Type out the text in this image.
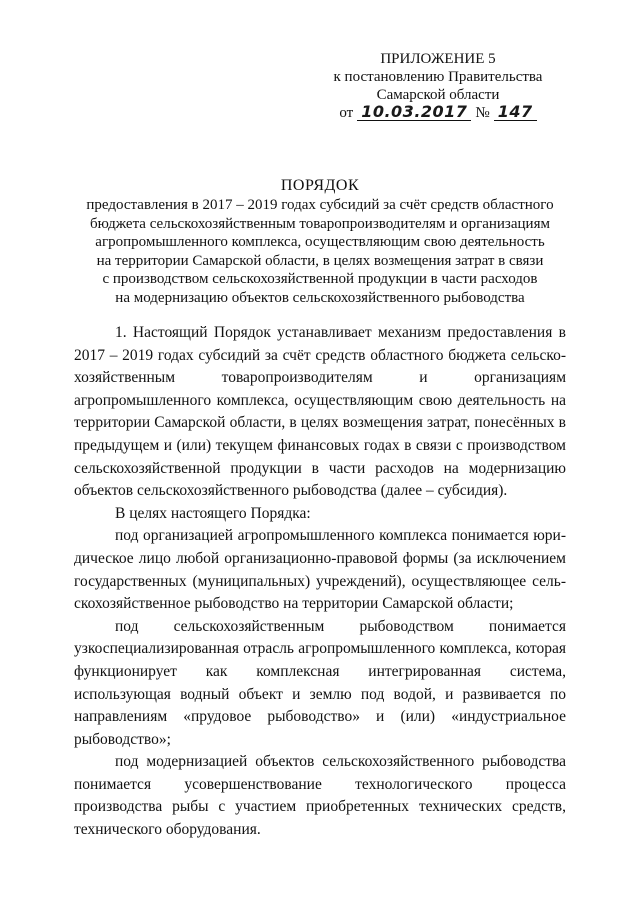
ПРИЛОЖЕНИЕ 5
к постановлению Правительства
Самарской области
от 10.03.2017 № 147
ПОРЯДОК
предоставления в 2017 – 2019 годах субсидий за счёт средств областного
бюджета сельскохозяйственным товаропроизводителям и организациям
агропромышленного комплекса, осуществляющим свою деятельность
на территории Самарской области, в целях возмещения затрат в связи
с производством сельскохозяйственной продукции в части расходов
на модернизацию объектов сельскохозяйственного рыбоводства

1. Настоящий Порядок устанавливает механизм предоставления в 2017 – 2019 годах субсидий за счёт средств областного бюджета сельскохозяйственным товаропроизводителям и организациям агропромышленного комплекса, осуществляющим свою деятельность на территории Самарской области, в целях возмещения затрат, понесённых в предыдущем и (или) текущем финансовых годах в связи с производством сельскохозяйственной продукции в части расходов на модернизацию объектов сельскохозяйственного рыбоводства (далее – субсидия).

В целях настоящего Порядка:

под организацией агропромышленного комплекса понимается юридическое лицо любой организационно-правовой формы (за исключением государственных (муниципальных) учреждений), осуществляющее сельскохозяйственное рыбоводство на территории Самарской области;

под сельскохозяйственным рыбоводством понимается узкоспециализированная отрасль агропромышленного комплекса, которая функционирует как комплексная интегрированная система, использующая водный объект и землю под водой, и развивается по направлениям «прудовое рыбоводство» и (или) «индустриальное рыбоводство»;

под модернизацией объектов сельскохозяйственного рыбоводства понимается усовершенствование технологического процесса производства рыбы с участием приобретенных технических средств, технического оборудования.
